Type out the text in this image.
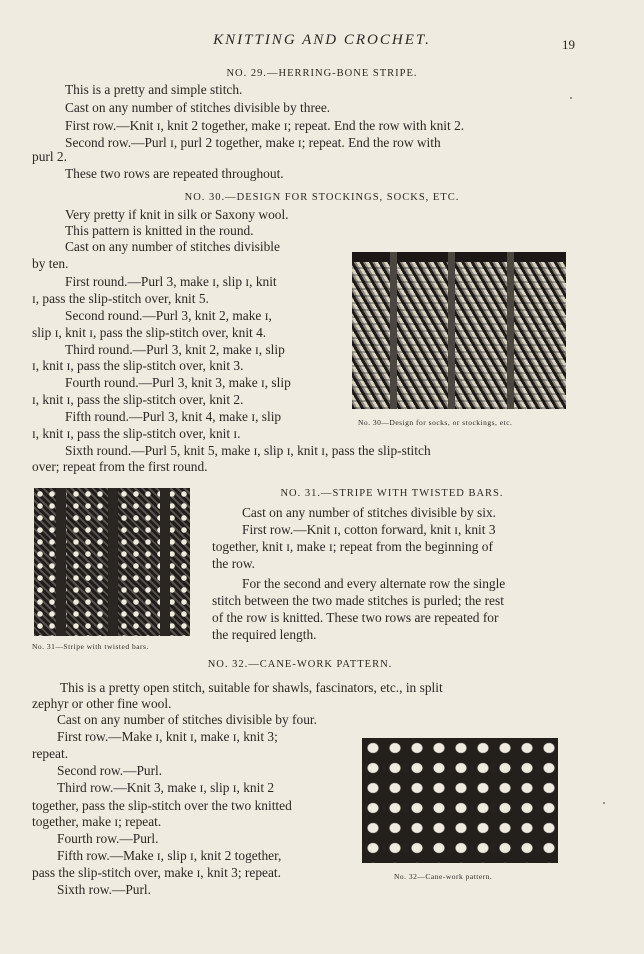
KNITTING AND CROCHET.	19
NO. 29.—HERRING-BONE STRIPE.
This is a pretty and simple stitch.
Cast on any number of stitches divisible by three.
First row.—Knit ɪ, knit 2 together, make ɪ; repeat. End the row with knit 2.
Second row.—Purl ɪ, purl 2 together, make ɪ; repeat. End the row with
purl 2.
These two rows are repeated throughout.
NO. 30.—DESIGN FOR STOCKINGS, SOCKS, ETC.
Very pretty if knit in silk or Saxony wool.
This pattern is knitted in the round.
Cast on any number of stitches divisible
by ten.
First round.—Purl 3, make ɪ, slip ɪ, knit
ɪ, pass the slip-stitch over, knit 5.
Second round.—Purl 3, knit 2, make ɪ,
slip ɪ, knit ɪ, pass the slip-stitch over, knit 4.
Third round.—Purl 3, knit 2, make ɪ, slip
ɪ, knit ɪ, pass the slip-stitch over, knit 3.
Fourth round.—Purl 3, knit 3, make ɪ, slip
ɪ, knit ɪ, pass the slip-stitch over, knit 2.
Fifth round.—Purl 3, knit 4, make ɪ, slip
ɪ, knit ɪ, pass the slip-stitch over, knit ɪ.
Sixth round.—Purl 5, knit 5, make ɪ, slip ɪ, knit ɪ, pass the slip-stitch
over; repeat from the first round.
No. 30—Design for socks, or stockings, etc.
No. 31—Stripe with twisted bars.
NO. 31.—STRIPE WITH TWISTED BARS.
Cast on any number of stitches divisible by six.
First row.—Knit ɪ, cotton forward, knit ɪ, knit 3
together, knit ɪ, make ɪ; repeat from the beginning of
the row.
For the second and every alternate row the single
stitch between the two made stitches is purled; the rest
of the row is knitted. These two rows are repeated for
the required length.
NO. 32.—CANE-WORK PATTERN.
This is a pretty open stitch, suitable for shawls, fascinators, etc., in split
zephyr or other fine wool.
Cast on any number of stitches divisible by four.
First row.—Make ɪ, knit ɪ, make ɪ, knit 3;
repeat.
Second row.—Purl.
Third row.—Knit 3, make ɪ, slip ɪ, knit 2
together, pass the slip-stitch over the two knitted
together, make ɪ; repeat.
Fourth row.—Purl.
Fifth row.—Make ɪ, slip ɪ, knit 2 together,
pass the slip-stitch over, make ɪ, knit 3; repeat.
Sixth row.—Purl.
No. 32—Cane-work pattern.
